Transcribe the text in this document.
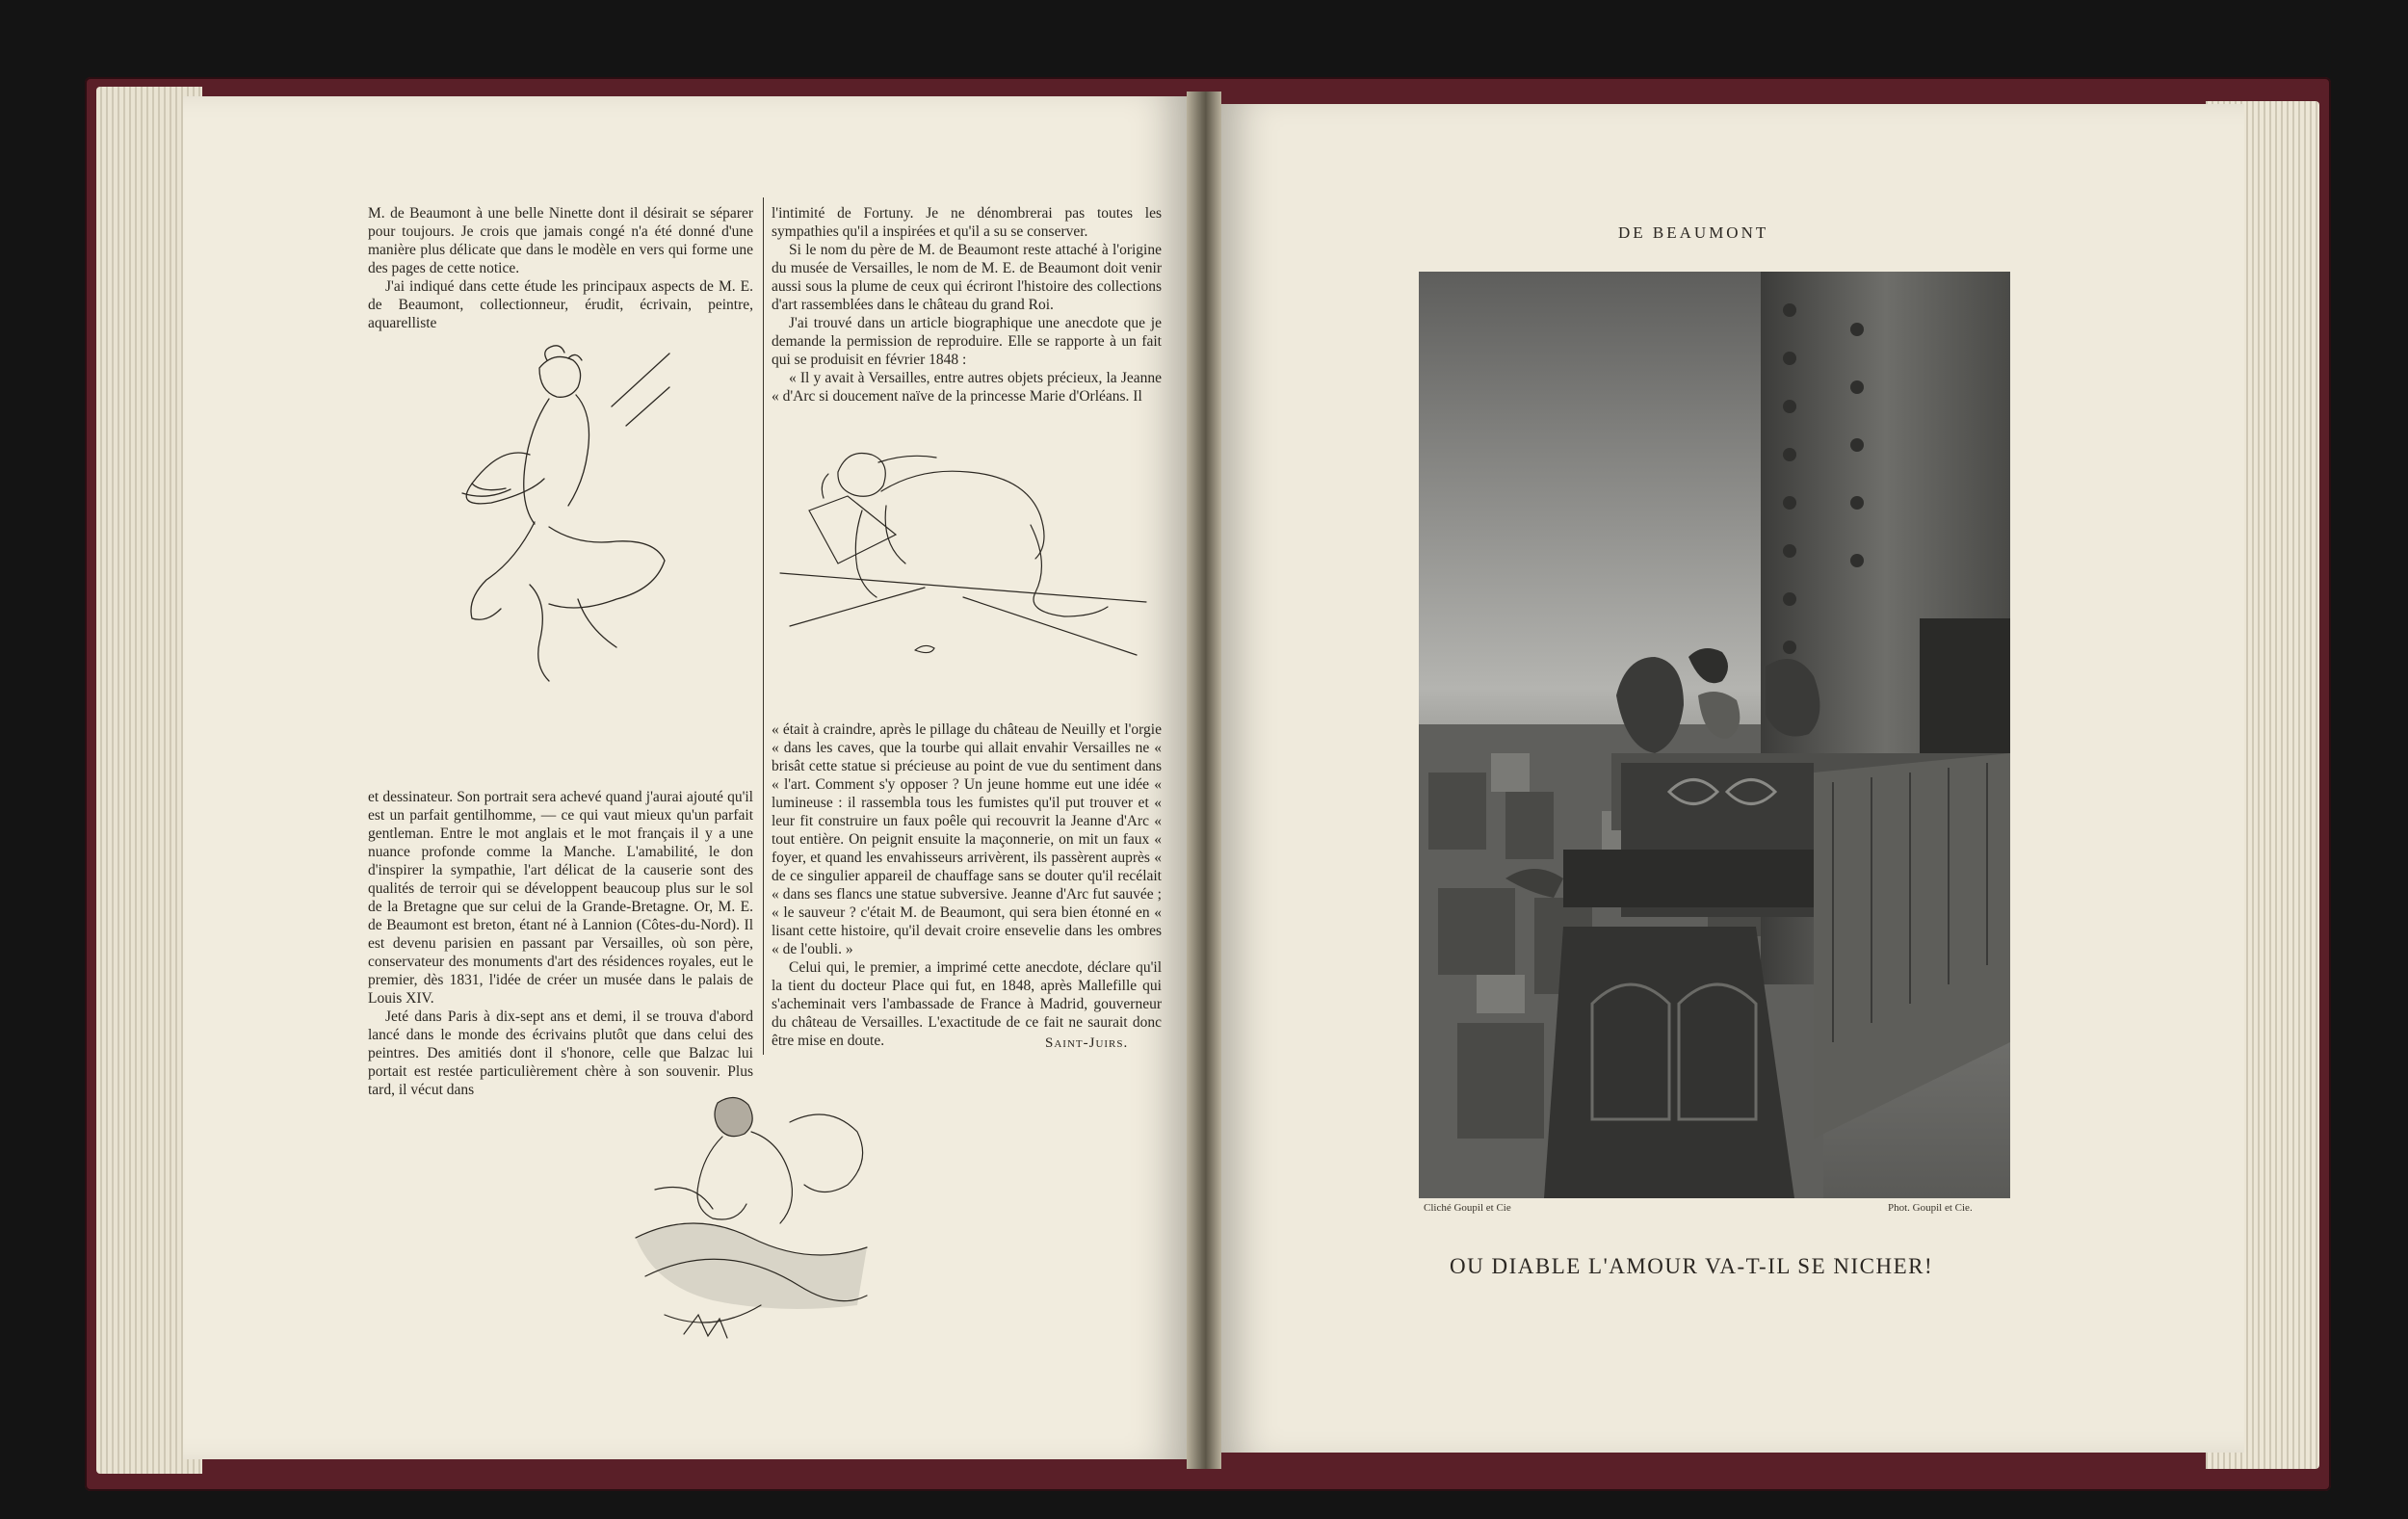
M. de Beaumont à une belle Ninette dont il désirait se séparer pour toujours. Je crois que jamais congé n'a été donné d'une manière plus délicate que dans le modèle en vers qui forme une des pages de cette notice.

J'ai indiqué dans cette étude les principaux aspects de M. E. de Beaumont, collectionneur, érudit, écrivain, peintre, aquarelliste

l'intimité de Fortuny. Je ne dénombrerai pas toutes les sympathies qu'il a inspirées et qu'il a su se conserver.

Si le nom du père de M. de Beaumont reste attaché à l'origine du musée de Versailles, le nom de M. E. de Beaumont doit venir aussi sous la plume de ceux qui écriront l'histoire des collections d'art rassemblées dans le château du grand Roi.

J'ai trouvé dans un article biographique une anecdote que je demande la permission de reproduire. Elle se rapporte à un fait qui se produisit en février 1848 :

« Il y avait à Versailles, entre autres objets précieux, la Jeanne « d'Arc si doucement naïve de la princesse Marie d'Orléans. Il

et dessinateur. Son portrait sera achevé quand j'aurai ajouté qu'il est un parfait gentilhomme, — ce qui vaut mieux qu'un parfait gentleman. Entre le mot anglais et le mot français il y a une nuance profonde comme la Manche. L'amabilité, le don d'inspirer la sympathie, l'art délicat de la causerie sont des qualités de terroir qui se développent beaucoup plus sur le sol de la Bretagne que sur celui de la Grande-Bretagne. Or, M. E. de Beaumont est breton, étant né à Lannion (Côtes-du-Nord). Il est devenu parisien en passant par Versailles, où son père, conservateur des monuments d'art des résidences royales, eut le premier, dès 1831, l'idée de créer un musée dans le palais de Louis XIV.

Jeté dans Paris à dix-sept ans et demi, il se trouva d'abord lancé dans le monde des écrivains plutôt que dans celui des peintres. Des amitiés dont il s'honore, celle que Balzac lui portait est restée particulièrement chère à son souvenir. Plus tard, il vécut dans

« était à craindre, après le pillage du château de Neuilly et l'orgie « dans les caves, que la tourbe qui allait envahir Versailles ne « brisât cette statue si précieuse au point de vue du sentiment dans « l'art. Comment s'y opposer ? Un jeune homme eut une idée « lumineuse : il rassembla tous les fumistes qu'il put trouver et « leur fit construire un faux poêle qui recouvrit la Jeanne d'Arc « tout entière. On peignit ensuite la maçonnerie, on mit un faux « foyer, et quand les envahisseurs arrivèrent, ils passèrent auprès « de ce singulier appareil de chauffage sans se douter qu'il recélait « dans ses flancs une statue subversive. Jeanne d'Arc fut sauvée ; « le sauveur ? c'était M. de Beaumont, qui sera bien étonné en « lisant cette histoire, qu'il devait croire ensevelie dans les ombres « de l'oubli. »

Celui qui, le premier, a imprimé cette anecdote, déclare qu'il la tient du docteur Place qui fut, en 1848, après Mallefille qui s'acheminait vers l'ambassade de France à Madrid, gouverneur du château de Versailles. L'exactitude de ce fait ne saurait donc être mise en doute.	Saint-Juirs.
DE BEAUMONT
Cliché Goupil et Cie	Phot. Goupil et Cie.
OU DIABLE L'AMOUR VA-T-IL SE NICHER!
